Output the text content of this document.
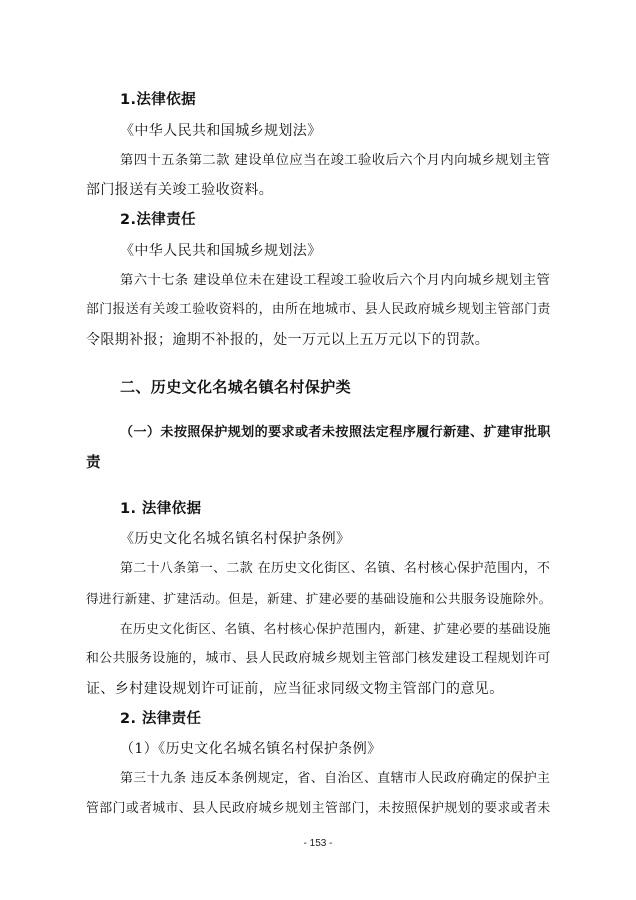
1.法律依据
《中华人民共和国城乡规划法》
第四十五条第二款 建设单位应当在竣工验收后六个月内向城乡规划主管
部门报送有关竣工验收资料。
2.法律责任
《中华人民共和国城乡规划法》
第六十七条 建设单位未在建设工程竣工验收后六个月内向城乡规划主管
部门报送有关竣工验收资料的，由所在地城市、县人民政府城乡规划主管部门责
令限期补报；逾期不补报的，处一万元以上五万元以下的罚款。
二、历史文化名城名镇名村保护类
（一）未按照保护规划的要求或者未按照法定程序履行新建、扩建审批职
责
1. 法律依据
《历史文化名城名镇名村保护条例》
第二十八条第一、二款 在历史文化街区、名镇、名村核心保护范围内，不
得进行新建、扩建活动。但是，新建、扩建必要的基础设施和公共服务设施除外。
在历史文化街区、名镇、名村核心保护范围内，新建、扩建必要的基础设施
和公共服务设施的，城市、县人民政府城乡规划主管部门核发建设工程规划许可
证、乡村建设规划许可证前，应当征求同级文物主管部门的意见。
2. 法律责任
（1）《历史文化名城名镇名村保护条例》
第三十九条 违反本条例规定，省、自治区、直辖市人民政府确定的保护主
管部门或者城市、县人民政府城乡规划主管部门，未按照保护规划的要求或者未
- 153 -
